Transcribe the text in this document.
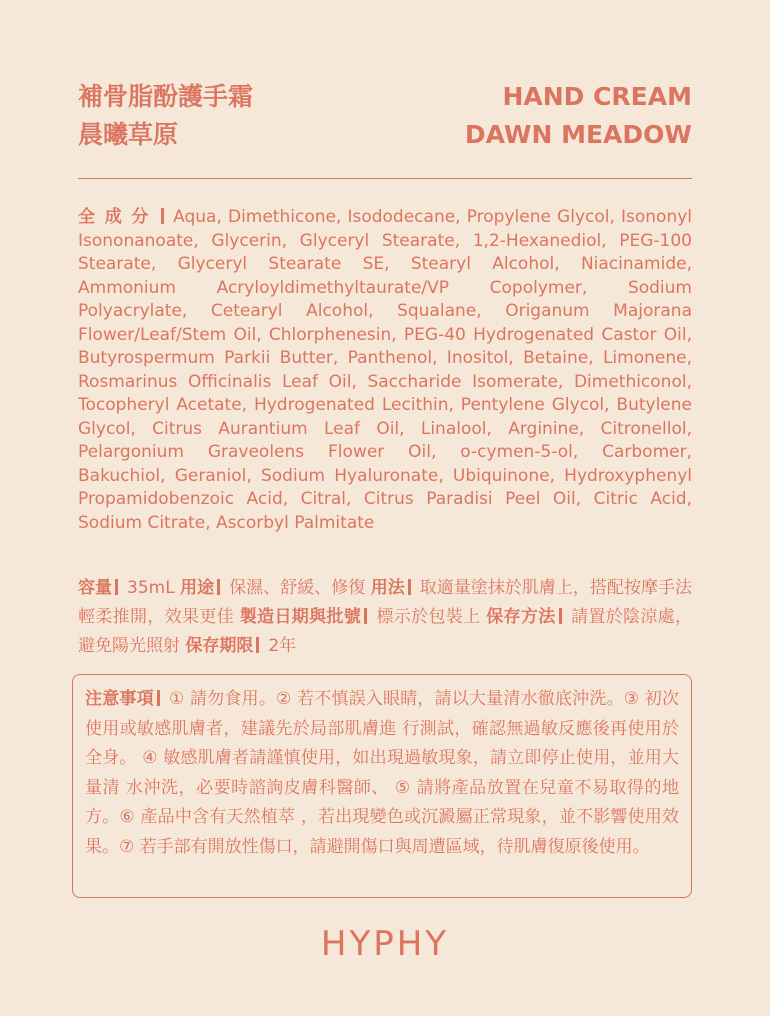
補骨脂酚護手霜
晨曦草原
HAND CREAM
DAWN MEADOW
全成分 Aqua, Dimethicone, Isododecane, Propylene Glycol, Isononyl Isononanoate, Glycerin, Glyceryl Stearate, 1,2-Hexanediol, PEG-100 Stearate, Glyceryl Stearate SE, Stearyl Alcohol, Niacinamide, Ammonium Acryloyldimethyltaurate/VP Copolymer, Sodium Polyacrylate, Cetearyl Alcohol, Squalane, Origanum Majorana Flower/Leaf/Stem Oil, Chlorphenesin, PEG-40 Hydrogenated Castor Oil, Butyrospermum Parkii Butter, Panthenol, Inositol, Betaine, Limonene, Rosmarinus Officinalis Leaf Oil, Saccharide Isomerate, Dimethiconol, Tocopheryl Acetate, Hydrogenated Lecithin, Pentylene Glycol, Butylene Glycol, Citrus Aurantium Leaf Oil, Linalool, Arginine, Citronellol, Pelargonium Graveolens Flower Oil, o-cymen-5-ol, Carbomer, Bakuchiol, Geraniol, Sodium Hyaluronate, Ubiquinone, Hydroxyphenyl Propamidobenzoic Acid, Citral, Citrus Paradisi Peel Oil, Citric Acid, Sodium Citrate, Ascorbyl Palmitate
容量 35mL 用途 保濕、舒緩、修復 用法 取適量塗抹於肌膚上，搭配按摩手法輕柔推開，效果更佳 製造日期與批號 標示於包裝上 保存方法 請置於陰涼處，避免陽光照射 保存期限 2年
注意事項 ① 請勿食用。② 若不慎誤入眼睛，請以大量清水徹底沖洗。③ 初次使用或敏感肌膚者，建議先於局部肌膚進 行測試，確認無過敏反應後再使用於全身。 ④ 敏感肌膚者請謹慎使用，如出現過敏現象，請立即停止使用，並用大量清 水沖洗，必要時諮詢皮膚科醫師、 ⑤ 請將產品放置在兒童不易取得的地方。⑥ 產品中含有天然植萃 ，若出現變色或沉澱屬正常現象，並不影響使用效果。⑦ 若手部有開放性傷口，請避開傷口與周遭區域，待肌膚復原後使用。
HYPHY
